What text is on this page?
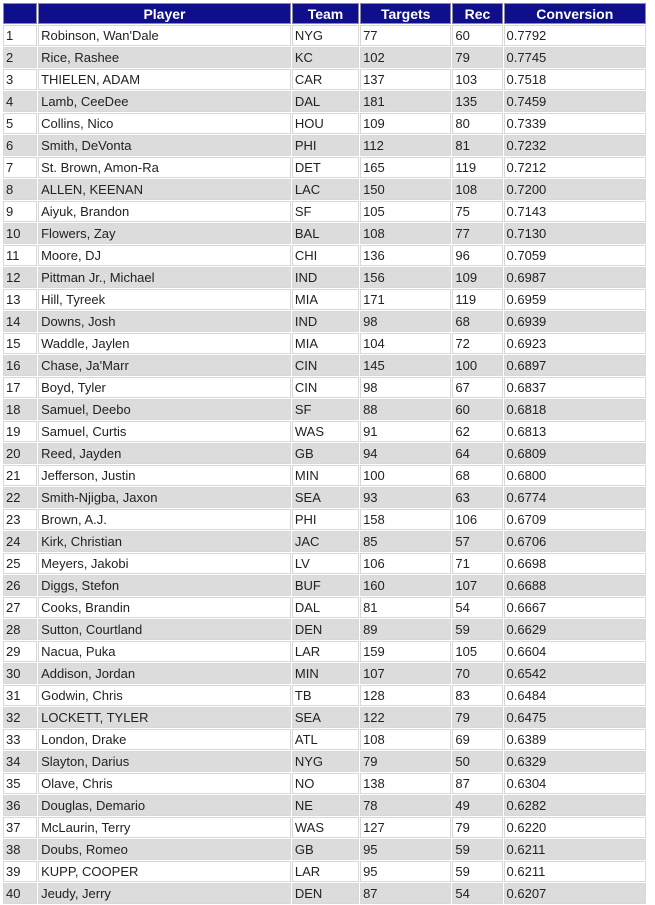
	Player	Team	Targets	Rec	Conversion
1	Robinson, Wan'Dale	NYG	77	60	0.7792
2	Rice, Rashee	KC	102	79	0.7745
3	THIELEN, ADAM	CAR	137	103	0.7518
4	Lamb, CeeDee	DAL	181	135	0.7459
5	Collins, Nico	HOU	109	80	0.7339
6	Smith, DeVonta	PHI	112	81	0.7232
7	St. Brown, Amon-Ra	DET	165	119	0.7212
8	ALLEN, KEENAN	LAC	150	108	0.7200
9	Aiyuk, Brandon	SF	105	75	0.7143
10	Flowers, Zay	BAL	108	77	0.7130
11	Moore, DJ	CHI	136	96	0.7059
12	Pittman Jr., Michael	IND	156	109	0.6987
13	Hill, Tyreek	MIA	171	119	0.6959
14	Downs, Josh	IND	98	68	0.6939
15	Waddle, Jaylen	MIA	104	72	0.6923
16	Chase, Ja'Marr	CIN	145	100	0.6897
17	Boyd, Tyler	CIN	98	67	0.6837
18	Samuel, Deebo	SF	88	60	0.6818
19	Samuel, Curtis	WAS	91	62	0.6813
20	Reed, Jayden	GB	94	64	0.6809
21	Jefferson, Justin	MIN	100	68	0.6800
22	Smith-Njigba, Jaxon	SEA	93	63	0.6774
23	Brown, A.J.	PHI	158	106	0.6709
24	Kirk, Christian	JAC	85	57	0.6706
25	Meyers, Jakobi	LV	106	71	0.6698
26	Diggs, Stefon	BUF	160	107	0.6688
27	Cooks, Brandin	DAL	81	54	0.6667
28	Sutton, Courtland	DEN	89	59	0.6629
29	Nacua, Puka	LAR	159	105	0.6604
30	Addison, Jordan	MIN	107	70	0.6542
31	Godwin, Chris	TB	128	83	0.6484
32	LOCKETT, TYLER	SEA	122	79	0.6475
33	London, Drake	ATL	108	69	0.6389
34	Slayton, Darius	NYG	79	50	0.6329
35	Olave, Chris	NO	138	87	0.6304
36	Douglas, Demario	NE	78	49	0.6282
37	McLaurin, Terry	WAS	127	79	0.6220
38	Doubs, Romeo	GB	95	59	0.6211
39	KUPP, COOPER	LAR	95	59	0.6211
40	Jeudy, Jerry	DEN	87	54	0.6207
